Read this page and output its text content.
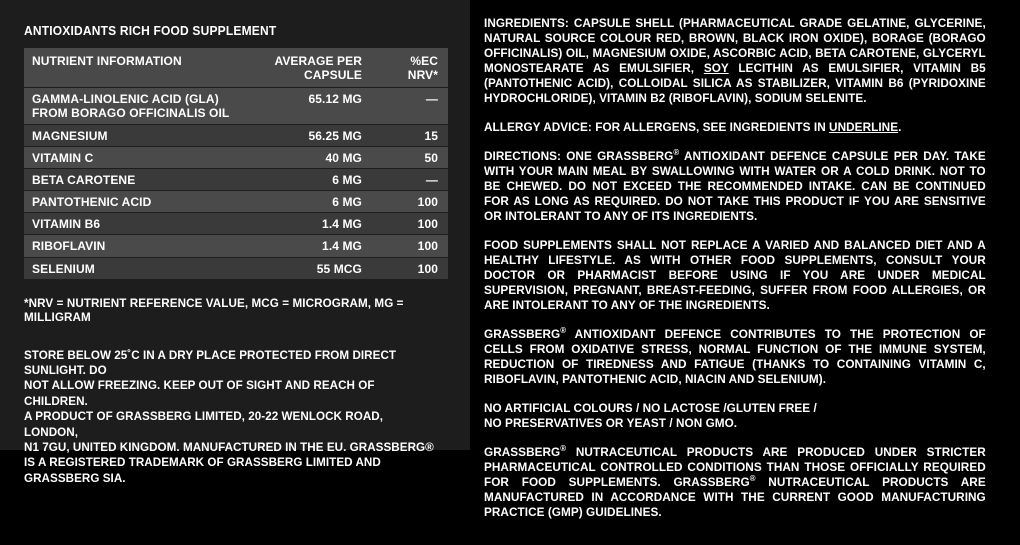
ANTIOXIDANTS RICH FOOD SUPPLEMENT
NUTRIENT INFORMATION	AVERAGE PER CAPSULE	%EC NRV*
GAMMA-LINOLENIC ACID (GLA) FROM BORAGO OFFICINALIS OIL	65.12 MG	—
MAGNESIUM	56.25 MG	15
VITAMIN C	40 MG	50
BETA CAROTENE	6 MG	—
PANTOTHENIC ACID	6 MG	100
VITAMIN B6	1.4 MG	100
RIBOFLAVIN	1.4 MG	100
SELENIUM	55 MCG	100
*NRV = NUTRIENT REFERENCE VALUE, MCG = MICROGRAM, MG = MILLIGRAM

STORE BELOW 25˚C IN A DRY PLACE PROTECTED FROM DIRECT SUNLIGHT. DO

NOT ALLOW FREEZING. KEEP OUT OF SIGHT AND REACH OF CHILDREN.

A PRODUCT OF GRASSBERG LIMITED, 20-22 WENLOCK ROAD, LONDON,

N1 7GU, UNITED KINGDOM. MANUFACTURED IN THE EU. GRASSBERG®

IS A REGISTERED TRADEMARK OF GRASSBERG LIMITED AND GRASSBERG SIA.

INGREDIENTS: CAPSULE SHELL (PHARMACEUTICAL GRADE GELATINE, GLYCERINE, NATURAL SOURCE COLOUR RED, BROWN, BLACK IRON OXIDE), BORAGE (BORAGO OFFICINALIS) OIL, MAGNESIUM OXIDE, ASCORBIC ACID, BETA CAROTENE, GLYCERYL MONOSTEARATE AS EMULSIFIER, SOY LECITHIN AS EMULSIFIER, VITAMIN B5 (PANTOTHENIC ACID), COLLOIDAL SILICA AS STABILIZER, VITAMIN B6 (PYRIDOXINE HYDROCHLORIDE), VITAMIN B2 (RIBOFLAVIN), SODIUM SELENITE.
ALLERGY ADVICE: FOR ALLERGENS, SEE INGREDIENTS IN UNDERLINE.
DIRECTIONS: ONE GRASSBERG® ANTIOXIDANT DEFENCE CAPSULE PER DAY. TAKE WITH YOUR MAIN MEAL BY SWALLOWING WITH WATER OR A COLD DRINK. NOT TO BE CHEWED. DO NOT EXCEED THE RECOMMENDED INTAKE. CAN BE CONTINUED FOR AS LONG AS REQUIRED. DO NOT TAKE THIS PRODUCT IF YOU ARE SENSITIVE OR INTOLERANT TO ANY OF ITS INGREDIENTS.
FOOD SUPPLEMENTS SHALL NOT REPLACE A VARIED AND BALANCED DIET AND A HEALTHY LIFESTYLE. AS WITH OTHER FOOD SUPPLEMENTS, CONSULT YOUR DOCTOR OR PHARMACIST BEFORE USING IF YOU ARE UNDER MEDICAL SUPERVISION, PREGNANT, BREAST-FEEDING, SUFFER FROM FOOD ALLERGIES, OR ARE INTOLERANT TO ANY OF THE INGREDIENTS.
GRASSBERG® ANTIOXIDANT DEFENCE CONTRIBUTES TO THE PROTECTION OF CELLS FROM OXIDATIVE STRESS, NORMAL FUNCTION OF THE IMMUNE SYSTEM, REDUCTION OF TIREDNESS AND FATIGUE (THANKS TO CONTAINING VITAMIN C, RIBOFLAVIN, PANTOTHENIC ACID, NIACIN AND SELENIUM).
NO ARTIFICIAL COLOURS / NO LACTOSE /GLUTEN FREE /
NO PRESERVATIVES OR YEAST / NON GMO.
GRASSBERG® NUTRACEUTICAL PRODUCTS ARE PRODUCED UNDER STRICTER PHARMACEUTICAL CONTROLLED CONDITIONS THAN THOSE OFFICIALLY REQUIRED FOR FOOD SUPPLEMENTS. GRASSBERG® NUTRACEUTICAL PRODUCTS ARE MANUFACTURED IN ACCORDANCE WITH THE CURRENT GOOD MANUFACTURING PRACTICE (GMP) GUIDELINES.
